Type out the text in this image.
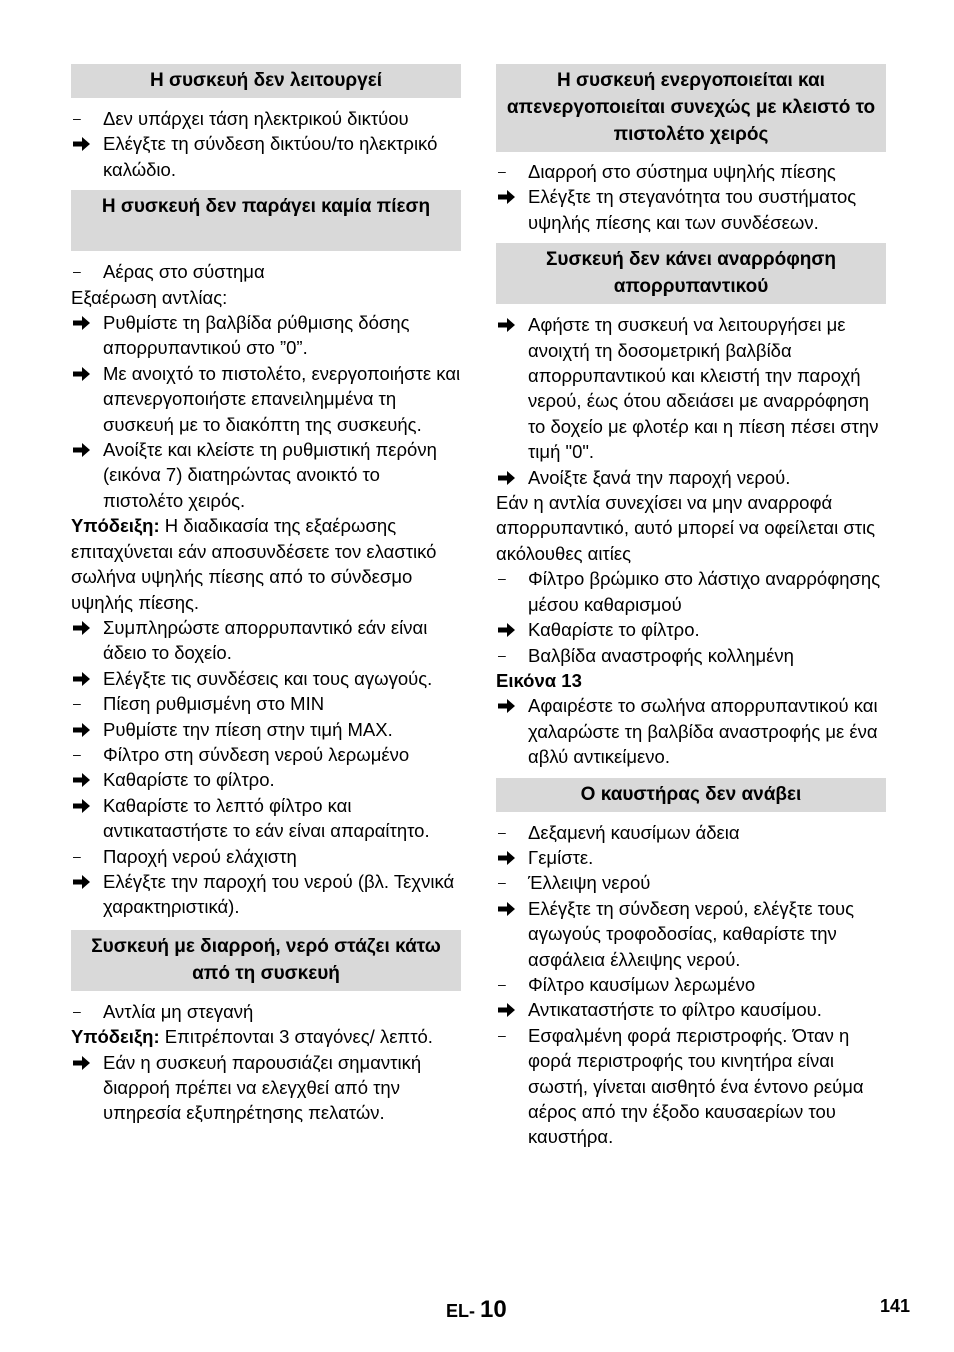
Η συσκευή δεν λειτουργεί
–	Δεν υπάρχει τάση ηλεκτρικού δικτύου
Ελέγξτε τη σύνδεση δικτύου/το ηλεκτρικό καλώδιο.
Η συσκευή δεν παράγει καμία πίεση
–	Αέρας στο σύστημα
Εξαέρωση αντλίας:
Ρυθμίστε τη βαλβίδα ρύθμισης δόσης απορρυπαντικού στο ”0”.
Με ανοιχτό το πιστολέτο, ενεργοποιήστε και απενεργοποιήστε επανειλημμένα τη συσκευή με το διακόπτη της συσκευής.
Ανοίξτε και κλείστε τη ρυθμιστική περόνη (εικόνα 7) διατηρώντας ανοικτό το πιστολέτο χειρός.
Υπόδειξη: Η διαδικασία της εξαέρωσης επιταχύνεται εάν αποσυνδέσετε τον ελαστικό σωλήνα υψηλής πίεσης από το σύνδεσμο υψηλής πίεσης.
Συμπληρώστε απορρυπαντικό εάν είναι άδειο το δοχείο.
Ελέγξτε τις συνδέσεις και τους αγωγούς.
–	Πίεση ρυθμισμένη στο MIN
Ρυθμίστε την πίεση στην τιμή MAX.
–	Φίλτρο στη σύνδεση νερού λερωμένο
Καθαρίστε το φίλτρο.
Καθαρίστε το λεπτό φίλτρο και αντικαταστήστε το εάν είναι απαραίτητο.
–	Παροχή νερού ελάχιστη
Ελέγξτε την παροχή του νερού (βλ. Τεχνικά χαρακτηριστικά).
Συσκευή με διαρροή, νερό στάζει κάτω από τη συσκευή
–	Αντλία μη στεγανή
Υπόδειξη: Επιτρέπονται 3 σταγόνες/ λεπτό.
Εάν η συσκευή παρουσιάζει σημαντική διαρροή πρέπει να ελεγχθεί από την υπηρεσία εξυπηρέτησης πελατών.
Η συσκευή ενεργοποιείται και απενεργοποιείται συνεχώς με κλειστό το πιστολέτο χειρός
–	Διαρροή στο σύστημα υψηλής πίεσης
Ελέγξτε τη στεγανότητα του συστήματος υψηλής πίεσης και των συνδέσεων.
Συσκευή δεν κάνει αναρρόφηση απορρυπαντικού
Αφήστε τη συσκευή να λειτουργήσει με ανοιχτή τη δοσομετρική βαλβίδα απορρυπαντικού και κλειστή την παροχή νερού, έως ότου αδειάσει με αναρρόφηση το δοχείο με φλοτέρ και η πίεση πέσει στην τιμή "0".
Ανοίξτε ξανά την παροχή νερού.
Εάν η αντλία συνεχίσει να μην αναρροφά απορρυπαντικό, αυτό μπορεί να οφείλεται στις ακόλουθες αιτίες
–	Φίλτρο βρώμικο στο λάστιχο αναρρόφησης μέσου καθαρισμού
Καθαρίστε το φίλτρο.
–	Βαλβίδα αναστροφής κολλημένη
Εικόνα 13
Αφαιρέστε το σωλήνα απορρυπαντικού και χαλαρώστε τη βαλβίδα αναστροφής με ένα αβλύ αντικείμενο.
Ο καυστήρας δεν ανάβει
–	Δεξαμενή καυσίμων άδεια
Γεμίστε.
–	Έλλειψη νερού
Ελέγξτε τη σύνδεση νερού, ελέγξτε τους αγωγούς τροφοδοσίας, καθαρίστε την ασφάλεια έλλειψης νερού.
–	Φίλτρο καυσίμων λερωμένο
Αντικαταστήστε το φίλτρο καυσίμου.
–	Εσφαλμένη φορά περιστροφής. Όταν η φορά περιστροφής του κινητήρα είναι σωστή, γίνεται αισθητό ένα έντονο ρεύμα αέρος από την έξοδο καυσαερίων του καυστήρα.
EL- 10	141
